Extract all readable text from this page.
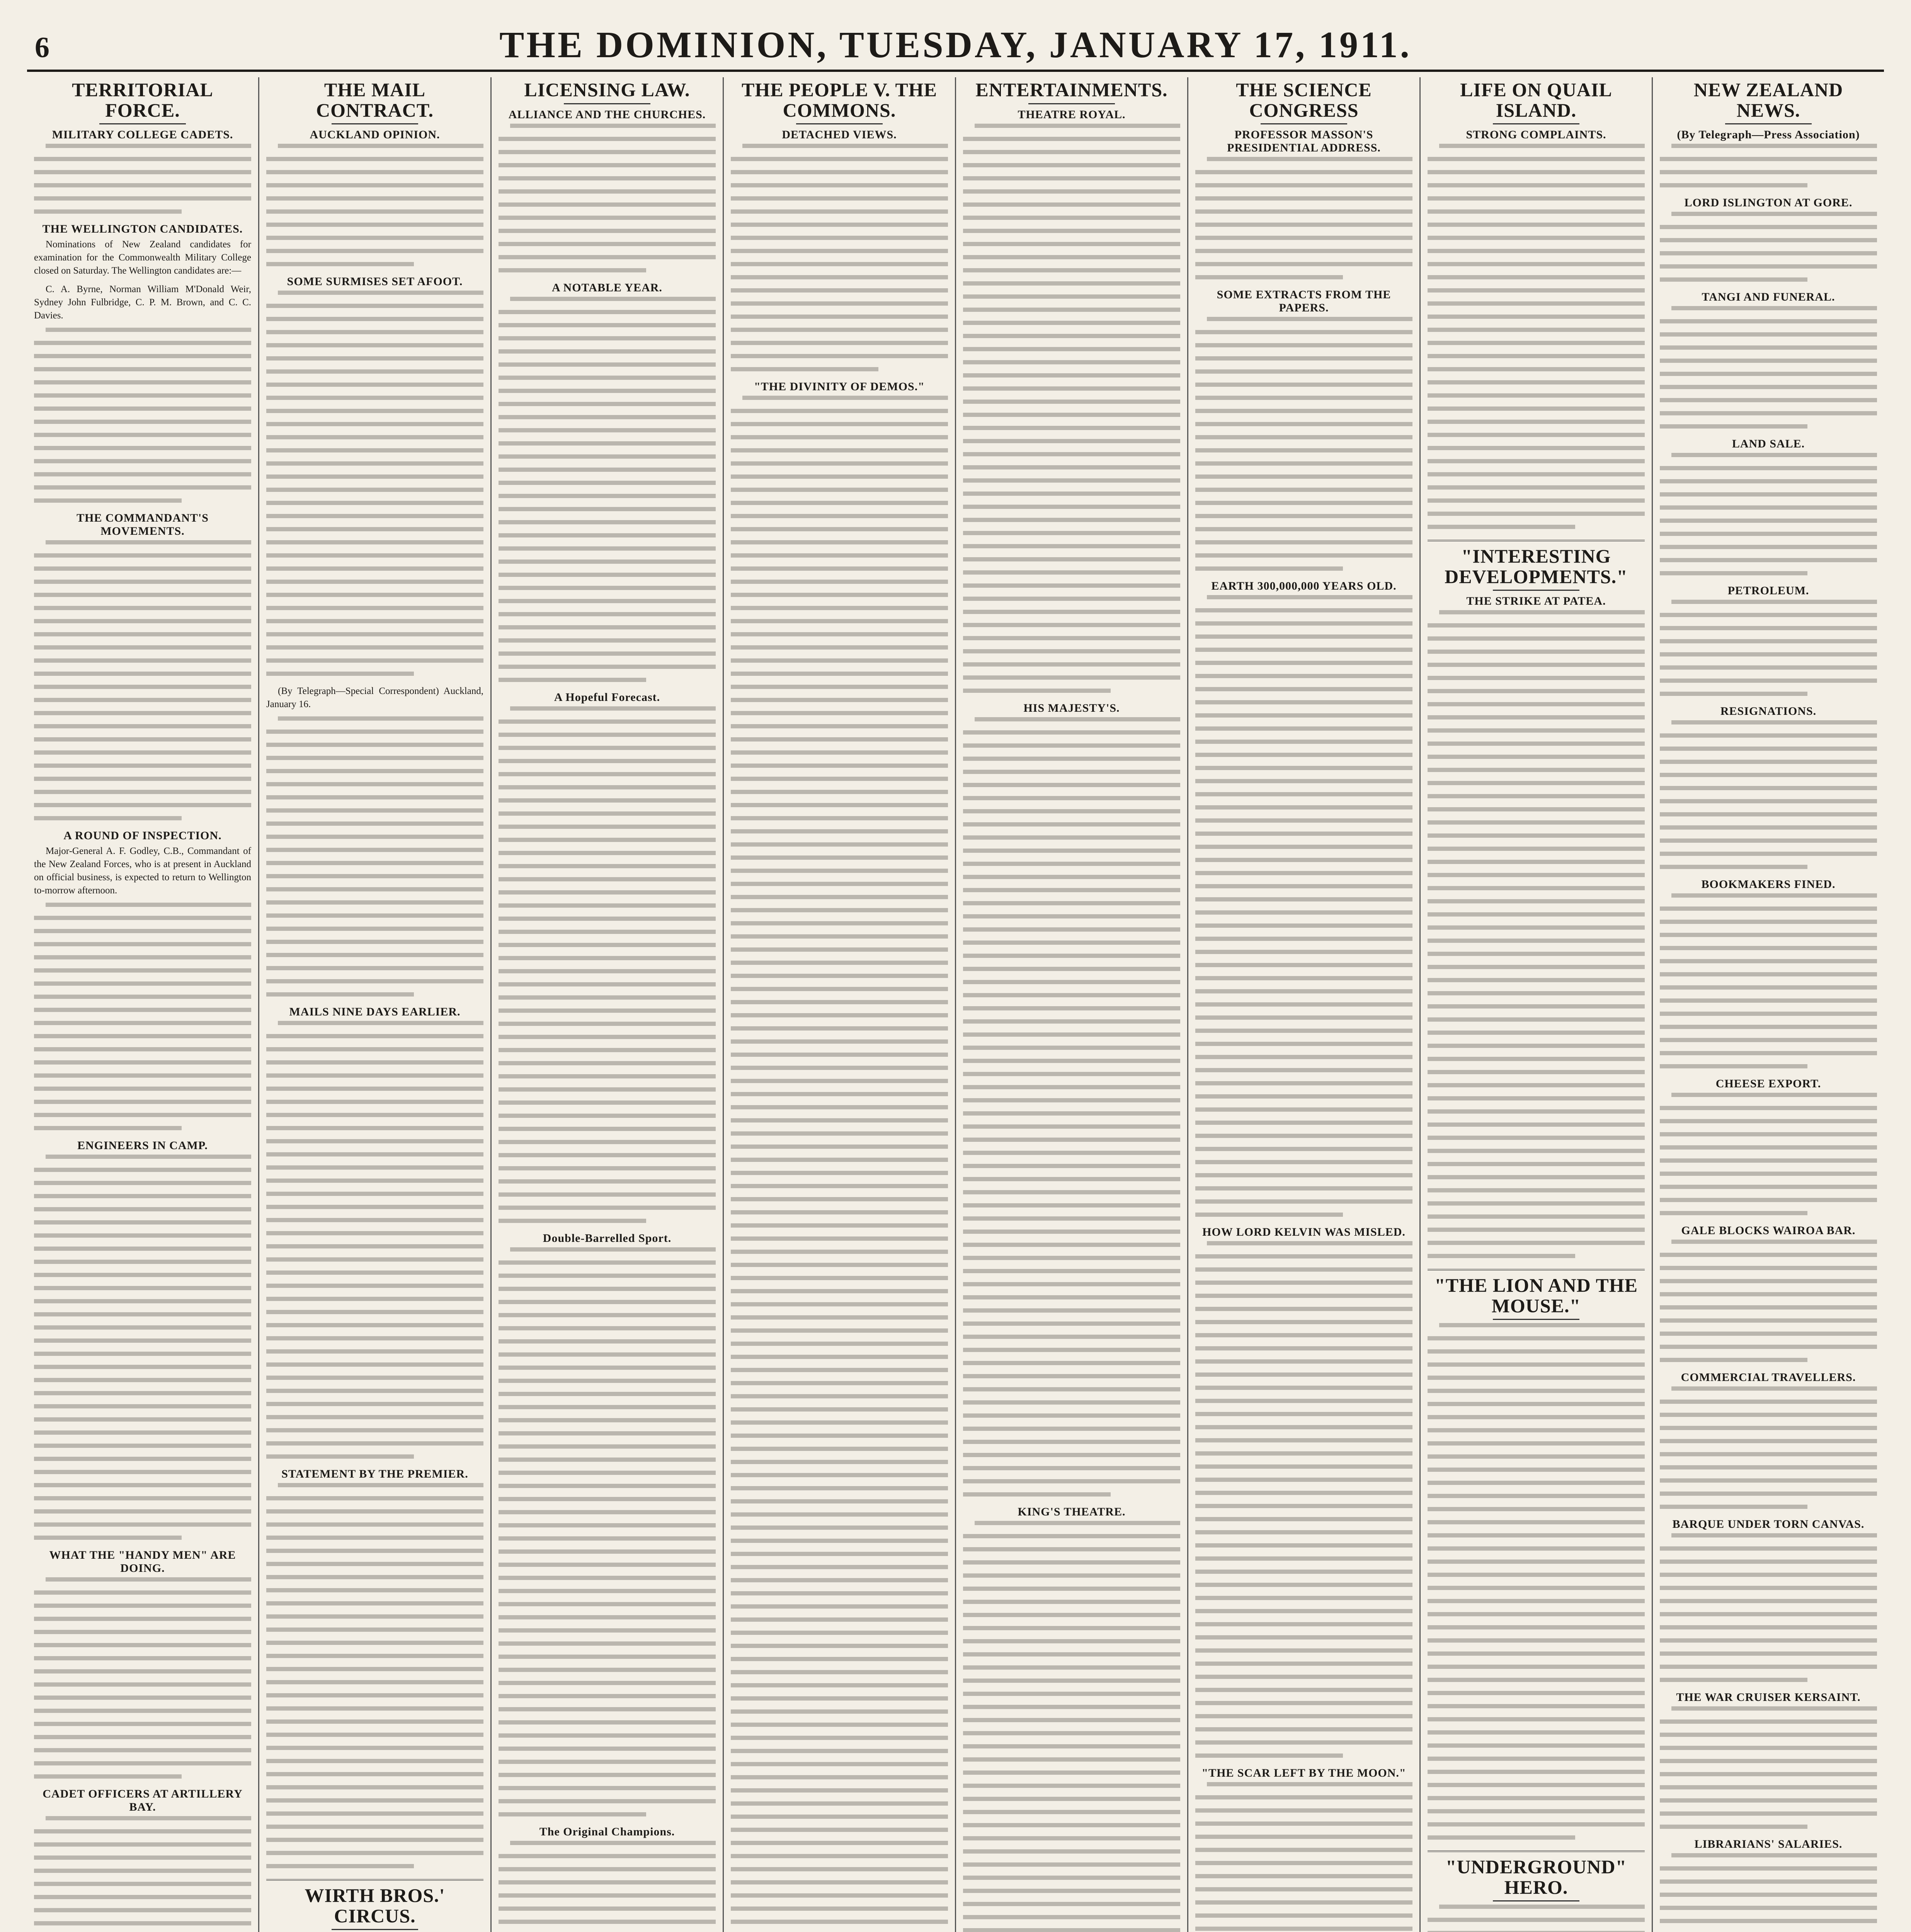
6	THE DOMINION, TUESDAY, JANUARY 17, 1911.
TERRITORIAL FORCE.
MILITARY COLLEGE CADETS.
THE WELLINGTON CANDIDATES.

Nominations of New Zealand candidates for examination for the Commonwealth Military College closed on Saturday. The Wellington candidates are:—

C. A. Byrne, Norman William M'Donald Weir, Sydney John Fulbridge, C. P. M. Brown, and C. C. Davies.

THE COMMANDANT'S MOVEMENTS.
A ROUND OF INSPECTION.

Major-General A. F. Godley, C.B., Commandant of the New Zealand Forces, who is at present in Auckland on official business, is expected to return to Wellington to-morrow afternoon.

ENGINEERS IN CAMP.
WHAT THE "HANDY MEN" ARE DOING.
CADET OFFICERS AT ARTILLERY BAY.
THE MAIL CONTRACT.
AUCKLAND OPINION.
SOME SURMISES SET AFOOT.

(By Telegraph—Special Correspondent) Auckland, January 16.

MAILS NINE DAYS EARLIER.
STATEMENT BY THE PREMIER.
WIRTH BROS.' CIRCUS.
LICENSING LAW.
ALLIANCE AND THE CHURCHES.
A NOTABLE YEAR.
A Hopeful Forecast.
Double-Barrelled Sport.
The Original Champions.
THE PEOPLE V. THE COMMONS.
DETACHED VIEWS.
"THE DIVINITY OF DEMOS."
ENTERTAINMENTS.
THEATRE ROYAL.
HIS MAJESTY'S.
KING'S THEATRE.
THE SCIENCE CONGRESS
PROFESSOR MASSON'S PRESIDENTIAL ADDRESS.
SOME EXTRACTS FROM THE PAPERS.
EARTH 300,000,000 YEARS OLD.
HOW LORD KELVIN WAS MISLED.
"THE SCAR LEFT BY THE MOON."
LIFE ON QUAIL ISLAND.
STRONG COMPLAINTS.
"INTERESTING DEVELOPMENTS."
THE STRIKE AT PATEA.
"THE LION AND THE MOUSE."
"UNDERGROUND" HERO.
NEW ZEALAND NEWS.
(By Telegraph—Press Association)
LORD ISLINGTON AT GORE.
TANGI AND FUNERAL.
LAND SALE.
PETROLEUM.
RESIGNATIONS.
BOOKMAKERS FINED.
CHEESE EXPORT.
GALE BLOCKS WAIROA BAR.
COMMERCIAL TRAVELLERS.
BARQUE UNDER TORN CANVAS.
THE WAR CRUISER KERSAINT.
LIBRARIANS' SALARIES.
